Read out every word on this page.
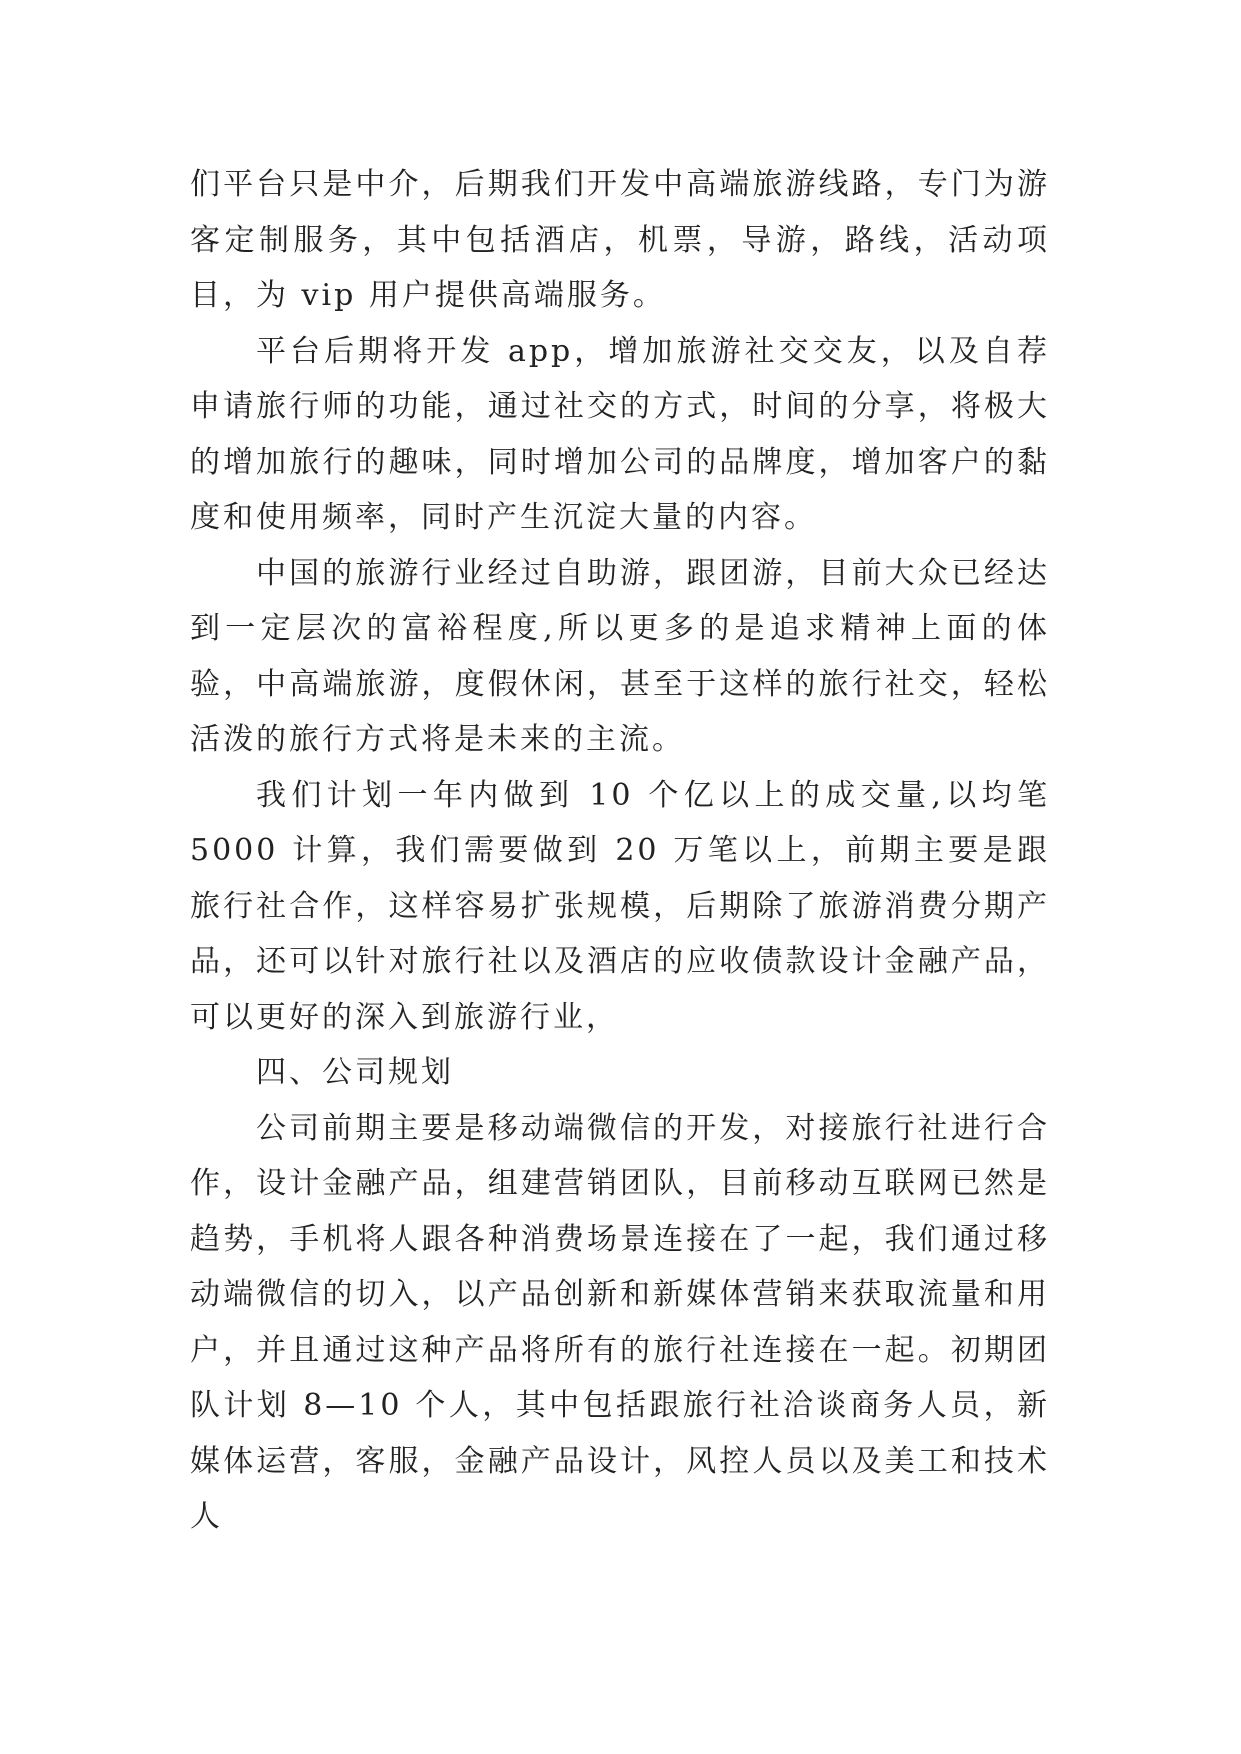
们平台只是中介，后期我们开发中高端旅游线路，专门为游客定制服务，其中包括酒店，机票，导游，路线，活动项目，为 vip 用户提供高端服务。

平台后期将开发 app，增加旅游社交交友，以及自荐申请旅行师的功能，通过社交的方式，时间的分享，将极大的增加旅行的趣味，同时增加公司的品牌度，增加客户的黏度和使用频率，同时产生沉淀大量的内容。

中国的旅游行业经过自助游，跟团游，目前大众已经达到一定层次的富裕程度,所以更多的是追求精神上面的体验，中高端旅游，度假休闲，甚至于这样的旅行社交，轻松活泼的旅行方式将是未来的主流。

我们计划一年内做到 10 个亿以上的成交量,以均笔 5000 计算，我们需要做到 20 万笔以上，前期主要是跟旅行社合作，这样容易扩张规模，后期除了旅游消费分期产品，还可以针对旅行社以及酒店的应收债款设计金融产品，可以更好的深入到旅游行业，

四、公司规划

公司前期主要是移动端微信的开发，对接旅行社进行合作，设计金融产品，组建营销团队，目前移动互联网已然是趋势，手机将人跟各种消费场景连接在了一起，我们通过移动端微信的切入，以产品创新和新媒体营销来获取流量和用户，并且通过这种产品将所有的旅行社连接在一起。初期团队计划 8—10 个人，其中包括跟旅行社洽谈商务人员，新媒体运营，客服，金融产品设计，风控人员以及美工和技术人
